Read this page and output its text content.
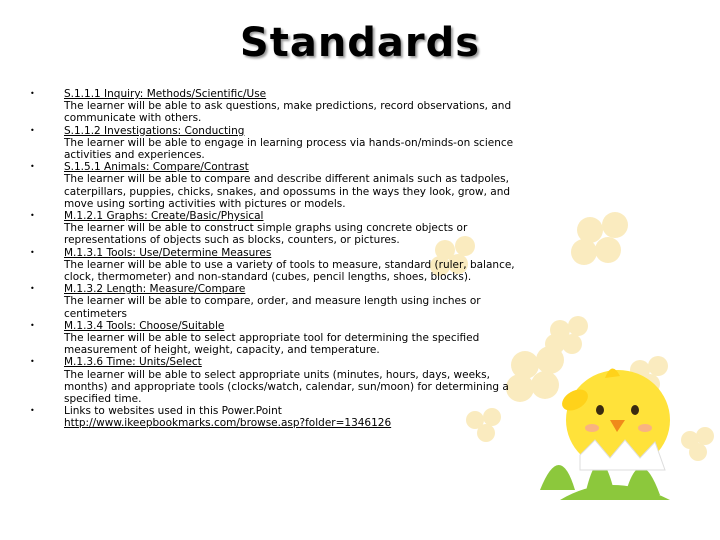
Standards
•	S.1.1.1 Inquiry: Methods/Scientific/Use
The learner will be able to ask questions, make predictions, record observations, and communicate with others.
•	S.1.1.2 Investigations: Conducting
The learner will be able to engage in learning process via hands-on/minds-on science activities and experiences.
•	S.1.5.1 Animals: Compare/Contrast
The learner will be able to compare and describe different animals such as tadpoles, caterpillars, puppies, chicks, snakes, and opossums in the ways they look, grow, and move using sorting activities with pictures or models.
•	M.1.2.1 Graphs: Create/Basic/Physical
The learner will be able to construct simple graphs using concrete objects or representations of objects such as blocks, counters, or pictures.
•	M.1.3.1 Tools: Use/Determine Measures
The learner will be able to use a variety of tools to measure, standard (ruler, balance, clock, thermometer) and non-standard (cubes, pencil lengths, shoes, blocks).
•	M.1.3.2 Length: Measure/Compare
The learner will be able to compare, order, and measure length using inches or centimeters
•	M.1.3.4 Tools: Choose/Suitable
The learner will be able to select appropriate tool for determining the specified measurement of height, weight, capacity, and temperature.
•	M.1.3.6 Time: Units/Select
The learner will be able to select appropriate units (minutes, hours, days, weeks, months) and appropriate tools (clocks/watch, calendar, sun/moon) for determining a specified time.
•	Links to websites used in this Power.Point
http://www.ikeepbookmarks.com/browse.asp?folder=1346126
